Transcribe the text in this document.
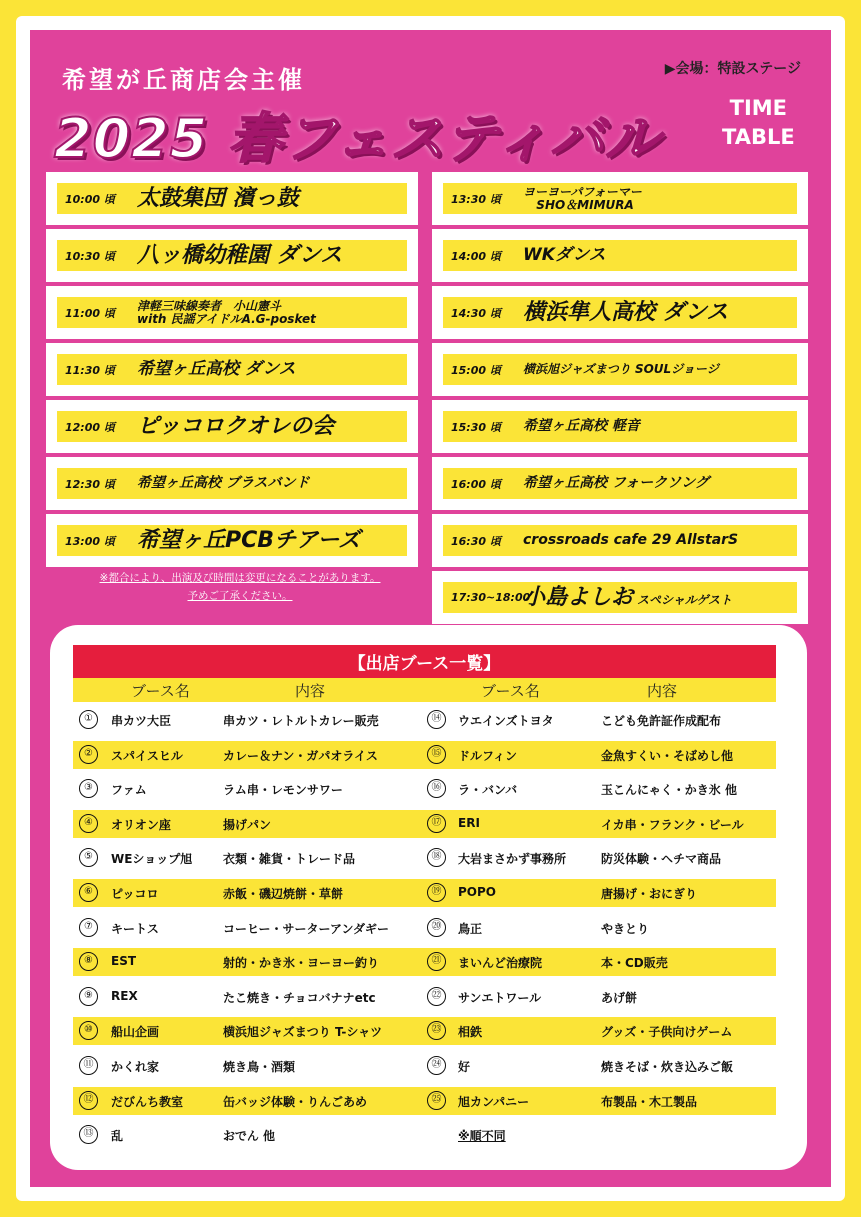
希望が丘商店会主催	▶会場：特設ステージ
2025 春フェスティバル	TIME
TABLE
10:00 頃	太鼓集団 濱っ鼓
10:30 頃	八ッ橋幼稚園 ダンス
11:00 頃
津軽三味線奏者　小山憲斗
with 民謡アイドルA.G-posket
11:30 頃	希望ヶ丘高校 ダンス
12:00 頃	ピッコロクオレの会
12:30 頃	希望ヶ丘高校 ブラスバンド
13:00 頃	希望ヶ丘PCBチアーズ
※都合により、出演及び時間は変更になることがあります。
予めご了承ください。
13:30 頃
ヨーヨーパフォーマー
SHO＆MIMURA
14:00 頃	WKダンス
14:30 頃	横浜隼人高校 ダンス
15:00 頃	横浜旭ジャズまつり SOULジョージ
15:30 頃	希望ヶ丘高校 軽音
16:00 頃	希望ヶ丘高校 フォークソング
16:30 頃	crossroads cafe 29 AllstarS
17:30~18:00
小島よしお スペシャルゲスト
【出店ブース一覧】
ブース名	内容	ブース名	内容
①	串カツ大臣	串カツ・レトルトカレー販売	⑭	ウエインズトヨタ	こども免許証作成配布
②	スパイスヒル	カレー＆ナン・ガパオライス	⑮	ドルフィン	金魚すくい・そばめし他
③	ファム	ラム串・レモンサワー	⑯	ラ・バンバ	玉こんにゃく・かき氷 他
④	オリオン座	揚げパン	⑰	ERI	イカ串・フランク・ビール
⑤	WEショップ旭	衣類・雑貨・トレード品	⑱	大岩まさかず事務所	防災体験・ヘチマ商品
⑥	ピッコロ	赤飯・磯辺焼餅・草餅	⑲	POPO	唐揚げ・おにぎり
⑦	キートス	コーヒー・サーターアンダギー	⑳	鳥正	やきとり
⑧	EST	射的・かき氷・ヨーヨー釣り	㉑	まいんど治療院	本・CD販売
⑨	REX	たこ焼き・チョコバナナetc	㉒	サンエトワール	あげ餅
⑩	船山企画	横浜旭ジャズまつり T-シャツ	㉓	相鉄	グッズ・子供向けゲーム
⑪	かくれ家	焼き鳥・酒類	㉔	好	焼きそば・炊き込みご飯
⑫	だびんち教室	缶バッジ体験・りんごあめ	㉕	旭カンパニー	布製品・木工製品
⑬	乱	おでん 他	※順不同
